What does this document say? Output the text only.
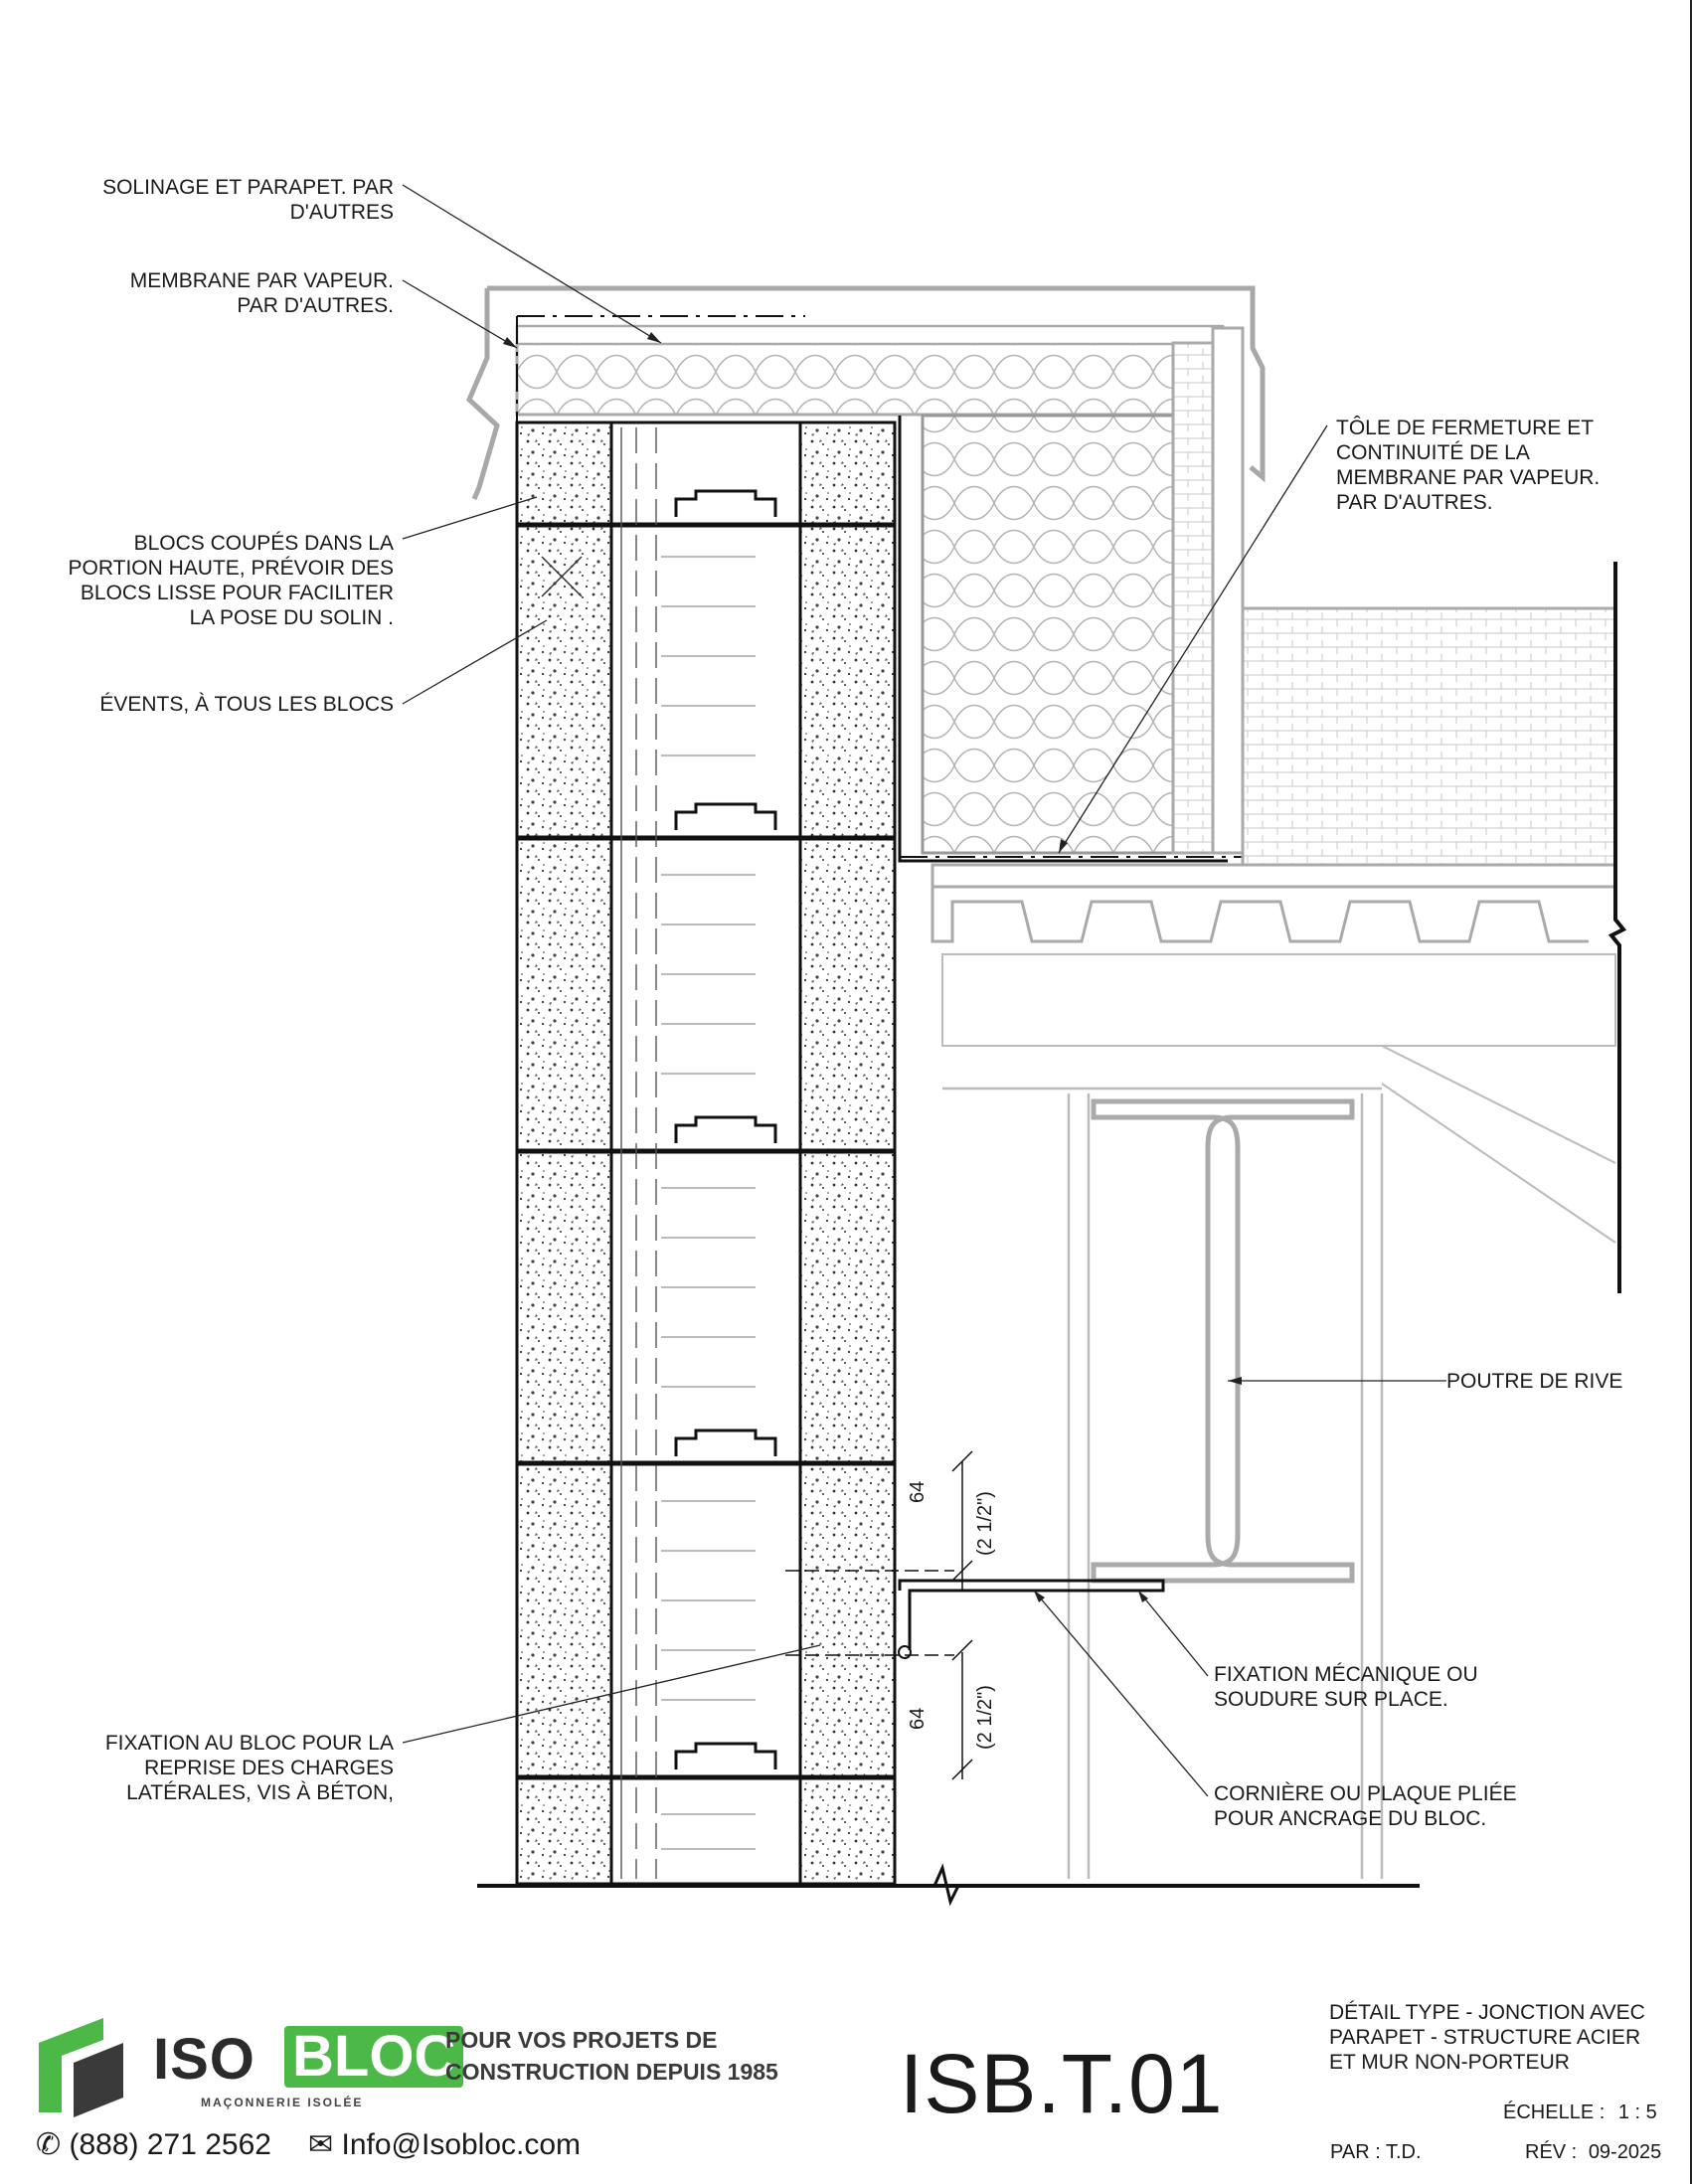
SOLINAGE ET PARAPET. PAR
D'AUTRES
MEMBRANE PAR VAPEUR.
PAR D'AUTRES.
BLOCS COUPÉS DANS LA
PORTION HAUTE, PRÉVOIR DES
BLOCS LISSE POUR FACILITER
LA POSE DU SOLIN .
ÉVENTS, À TOUS LES BLOCS
TÔLE DE FERMETURE ET
CONTINUITÉ DE LA
MEMBRANE PAR VAPEUR.
PAR D'AUTRES.
POUTRE DE RIVE
FIXATION MÉCANIQUE OU
SOUDURE SUR PLACE.
CORNIÈRE OU PLAQUE PLIÉE
POUR ANCRAGE DU BLOC.
FIXATION AU BLOC POUR LA
REPRISE DES CHARGES
LATÉRALES, VIS À BÉTON,
64 (2 1/2")
64 (2 1/2")
ISO BLOC
MAÇONNERIE ISOLÉE
POUR VOS PROJETS DE
CONSTRUCTION DEPUIS 1985
✆ (888) 271 2562 ✉ Info@Isobloc.com
ISB.T.01
DÉTAIL TYPE - JONCTION AVEC
PARAPET - STRUCTURE ACIER
ET MUR NON-PORTEUR
ÉCHELLE : 1 : 5
PAR : T.D.	RÉV : 09-2025
